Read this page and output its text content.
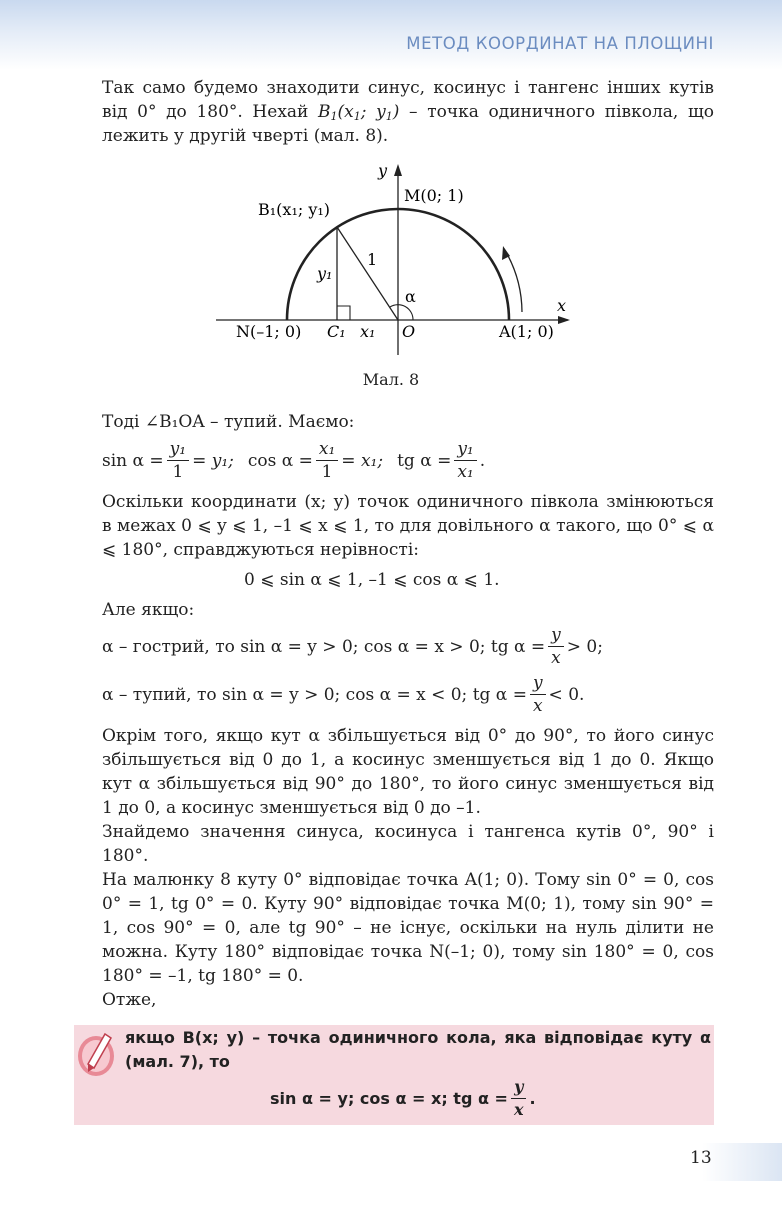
МЕТОД КООРДИНАТ НА ПЛОЩИНІ
Так само будемо знаходити синус, косинус і тангенс інших кутів від 0° до 180°. Нехай $B_1(x_1$; $y_1$) – точка одиничного півкола, що лежить у другій чверті (мал. 8).
y
x
M(0; 1)
B₁(x₁; y₁)
1
y₁
α
N(–1; 0) C₁ x₁ O	A(1; 0)
Мал. 8
Тоді ∠B₁OA – тупий. Маємо:
$\sin \alpha = \frac{\text{y₁}}{1} = y_1$; $\cos \alpha = \frac{\text{x₁}}{1} = x_1$; tg $\alpha = \frac{\text{y₁}}{\text{x₁}}$ .
Оскільки координати (x; y) точок одиничного півкола змінюються в межах 0 ⩽ y ⩽ 1, –1 ⩽ x ⩽ 1, то для довільного α такого, що 0° ⩽ α ⩽ 180°, справджуються нерівності:
0 ⩽ sin α ⩽ 1, –1 ⩽ cos α ⩽ 1.
Але якщо:
α – гострий, то sin α = y > 0; cos α = x > 0; tg $\alpha = \frac{y}{x} > 0$;
α – тупий, то sin α = y > 0; cos α = x < 0; tg $\alpha = \frac{y}{x} < 0$.
Окрім того, якщо кут α збільшується від 0° до 90°, то його синус збільшується від 0 до 1, а косинус зменшується від 1 до 0. Якщо кут α збільшується від 90° до 180°, то його синус зменшується від 1 до 0, а косинус зменшується від 0 до –1.
Знайдемо значення синуса, косинуса і тангенса кутів 0°, 90° і 180°.
На малюнку 8 куту 0° відповідає точка A(1; 0). Тому sin 0° = 0, cos 0° = 1, tg 0° = 0. Куту 90° відповідає точка M(0; 1), тому sin 90° = 1, cos 90° = 0, але tg 90° – не існує, оскільки на нуль ділити не можна. Куту 180° відповідає точка N(–1; 0), тому sin 180° = 0, cos 180° = –1, tg 180° = 0.
Отже,
якщо B(x; y) – точка одиничного кола, яка відповідає куту α (мал. 7), то
sin α = y; cos α = x; tg $\alpha = \frac{y}{x}$ .
13
